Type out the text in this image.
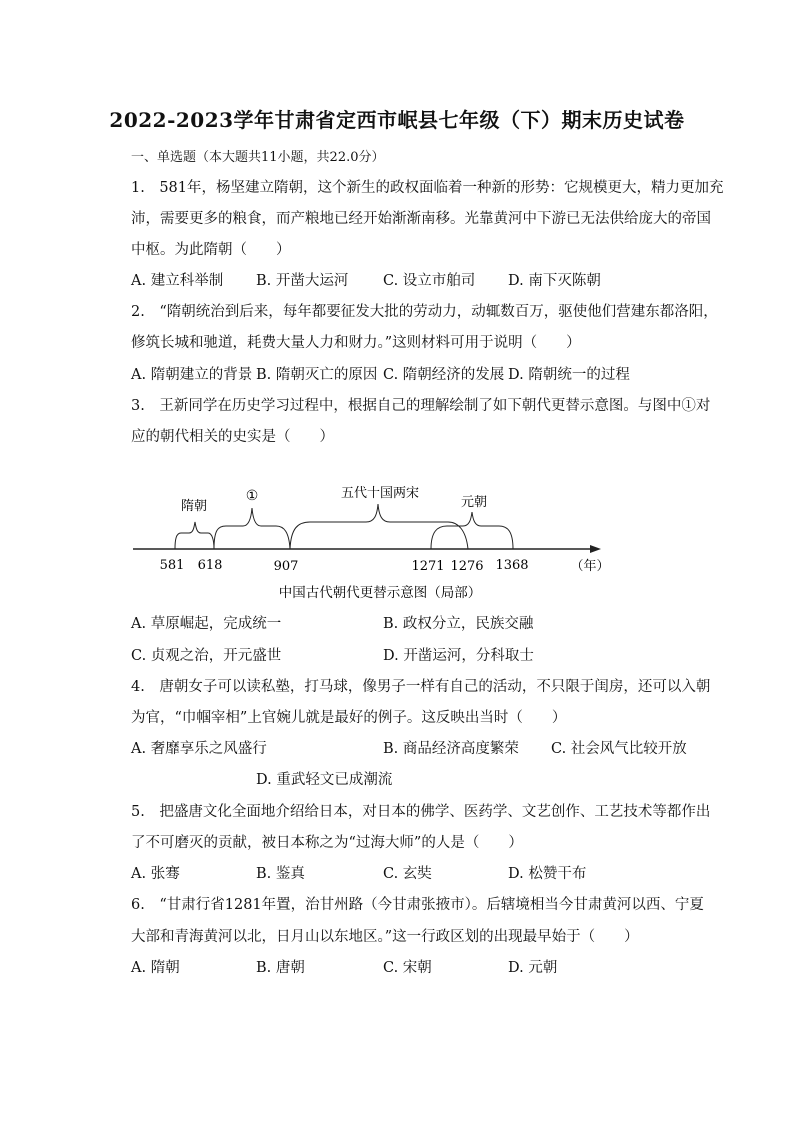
2022-2023学年甘肃省定西市岷县七年级（下）期末历史试卷
一、单选题（本大题共11小题，共22.0分）
1.　581年，杨坚建立隋朝，这个新生的政权面临着一种新的形势：它规模更大，精力更加充
沛，需要更多的粮食，而产粮地已经开始渐渐南移。光靠黄河中下游已无法供给庞大的帝国
中枢。为此隋朝（　　）
A. 建立科举制 B. 开凿大运河 C. 设立市舶司 D. 南下灭陈朝
2.　“隋朝统治到后来，每年都要征发大批的劳动力，动辄数百万，驱使他们营建东都洛阳，
修筑长城和驰道，耗费大量人力和财力。”这则材料可用于说明（　　）
A. 隋朝建立的背景 B. 隋朝灭亡的原因 C. 隋朝经济的发展 D. 隋朝统一的过程
3.　王新同学在历史学习过程中，根据自己的理解绘制了如下朝代更替示意图。与图中①对
应的朝代相关的史实是（　　）
隋朝
①	五代十国两宋
元朝
581 618	907	1271 1276 1368	（年）
中国古代朝代更替示意图（局部）
A. 草原崛起，完成统一	B. 政权分立，民族交融
C. 贞观之治，开元盛世	D. 开凿运河，分科取士
4.　唐朝女子可以读私塾，打马球，像男子一样有自己的活动，不只限于闺房，还可以入朝
为官，“巾帼宰相”上官婉儿就是最好的例子。这反映出当时（　　）
A. 奢靡享乐之风盛行	B. 商品经济高度繁荣 C. 社会风气比较开放
D. 重武轻文已成潮流
5.　把盛唐文化全面地介绍给日本，对日本的佛学、医药学、文艺创作、工艺技术等都作出
了不可磨灭的贡献，被日本称之为“过海大师”的人是（　　）
A. 张骞	B. 鉴真	C. 玄奘	D. 松赞干布
6.　“甘肃行省1281年置，治甘州路（今甘肃张掖市）。后辖境相当今甘肃黄河以西、宁夏
大部和青海黄河以北，日月山以东地区。”这一行政区划的出现最早始于（　　）
A. 隋朝	B. 唐朝	C. 宋朝	D. 元朝
